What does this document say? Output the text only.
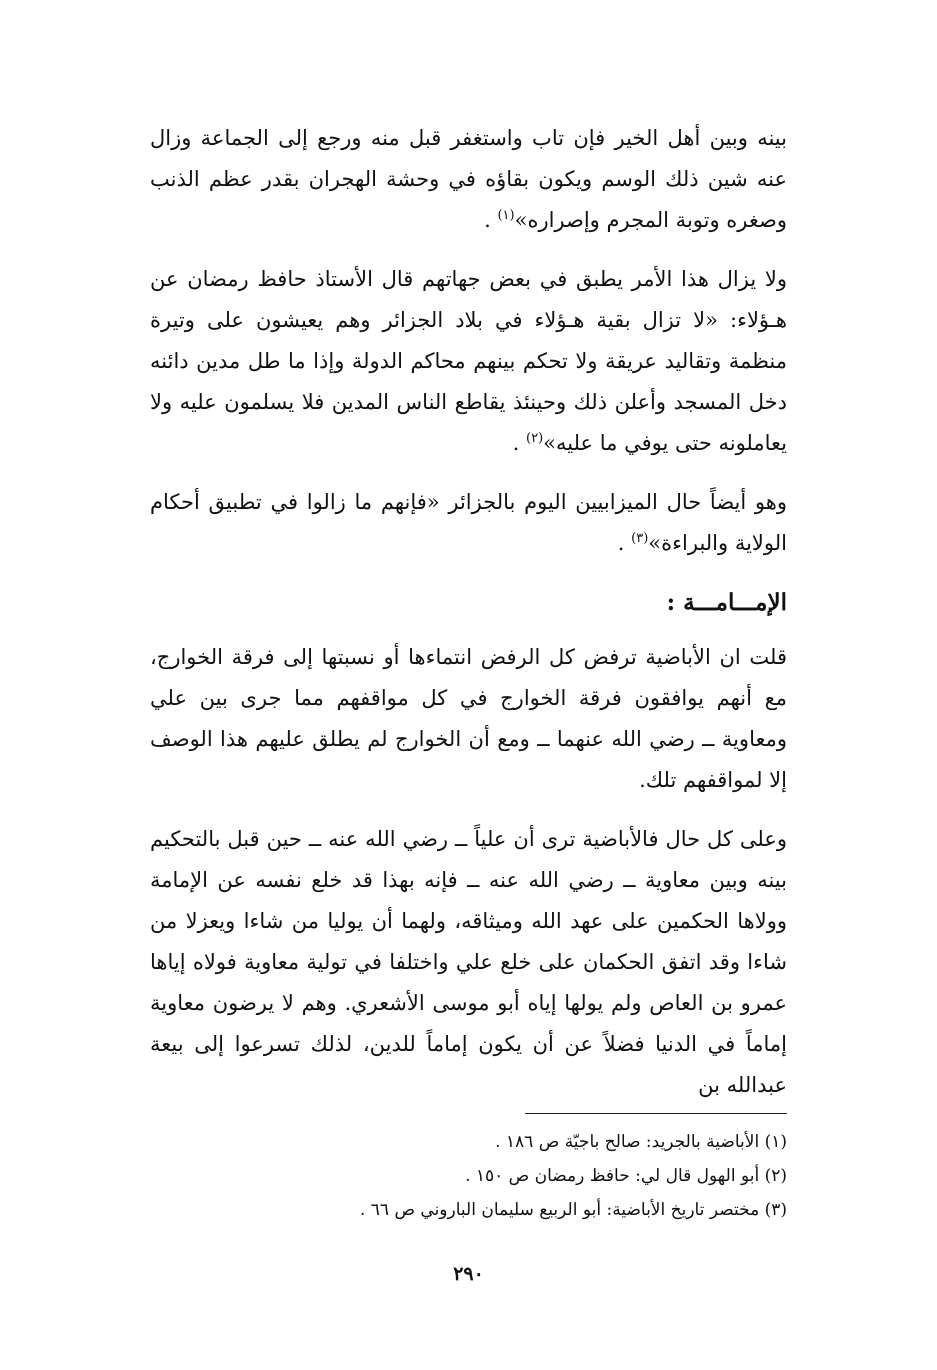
بينه وبين أهل الخير فإن تاب واستغفر قبل منه ورجع إلى الجماعة وزال عنه شين ذلك الوسم ويكون بقاؤه في وحشة الهجران بقدر عظم الذنب وصغره وتوبة المجرم وإصراره»$^{(١)}$ .

ولا يزال هذا الأمر يطبق في بعض جهاتهم قال الأستاذ حافظ رمضان عن هـؤلاء: «لا تزال بقية هـؤلاء في بلاد الجزائر وهم يعيشون على وتيرة منظمة وتقاليد عريقة ولا تحكم بينهم محاكم الدولة وإذا ما طل مدين دائنه دخل المسجد وأعلن ذلك وحينئذ يقاطع الناس المدين فلا يسلمون عليه ولا يعاملونه حتى يوفي ما عليه»$^{(٢)}$ .

وهو أيضاً حال الميزابيين اليوم بالجزائر «فإنهم ما زالوا في تطبيق أحكام الولاية والبراءة»$^{(٣)}$ .

الإمـــامـــة :

قلت ان الأباضية ترفض كل الرفض انتماءها أو نسبتها إلى فرقة الخوارج، مع أنهم يوافقون فرقة الخوارج في كل مواقفهم مما جرى بين علي ومعاوية ــ رضي الله عنهما ــ ومع أن الخوارج لم يطلق عليهم هذا الوصف إلا لمواقفهم تلك.

وعلى كل حال فالأباضية ترى أن علياً ــ رضي الله عنه ــ حين قبل بالتحكيم بينه وبين معاوية ــ رضي الله عنه ــ فإنه بهذا قد خلع نفسه عن الإمامة وولاها الحكمين على عهد الله وميثاقه، ولهما أن يوليا من شاءا ويعزلا من شاءا وقد اتفق الحكمان على خلع علي واختلفا في تولية معاوية فولاه إياها عمرو بن العاص ولم يولها إياه أبو موسى الأشعري. وهم لا يرضون معاوية إماماً في الدنيا فضلاً عن أن يكون إماماً للدين، لذلك تسرعوا إلى بيعة عبدالله بن

(١) الأباضية بالجريد: صالح باجيّة ص ١٨٦ .

(٢) أبو الهول قال لي: حافظ رمضان ص ١٥٠ .

(٣) مختصر تاريخ الأباضية: أبو الربيع سليمان الباروني ص ٦٦ .

٢٩٠
